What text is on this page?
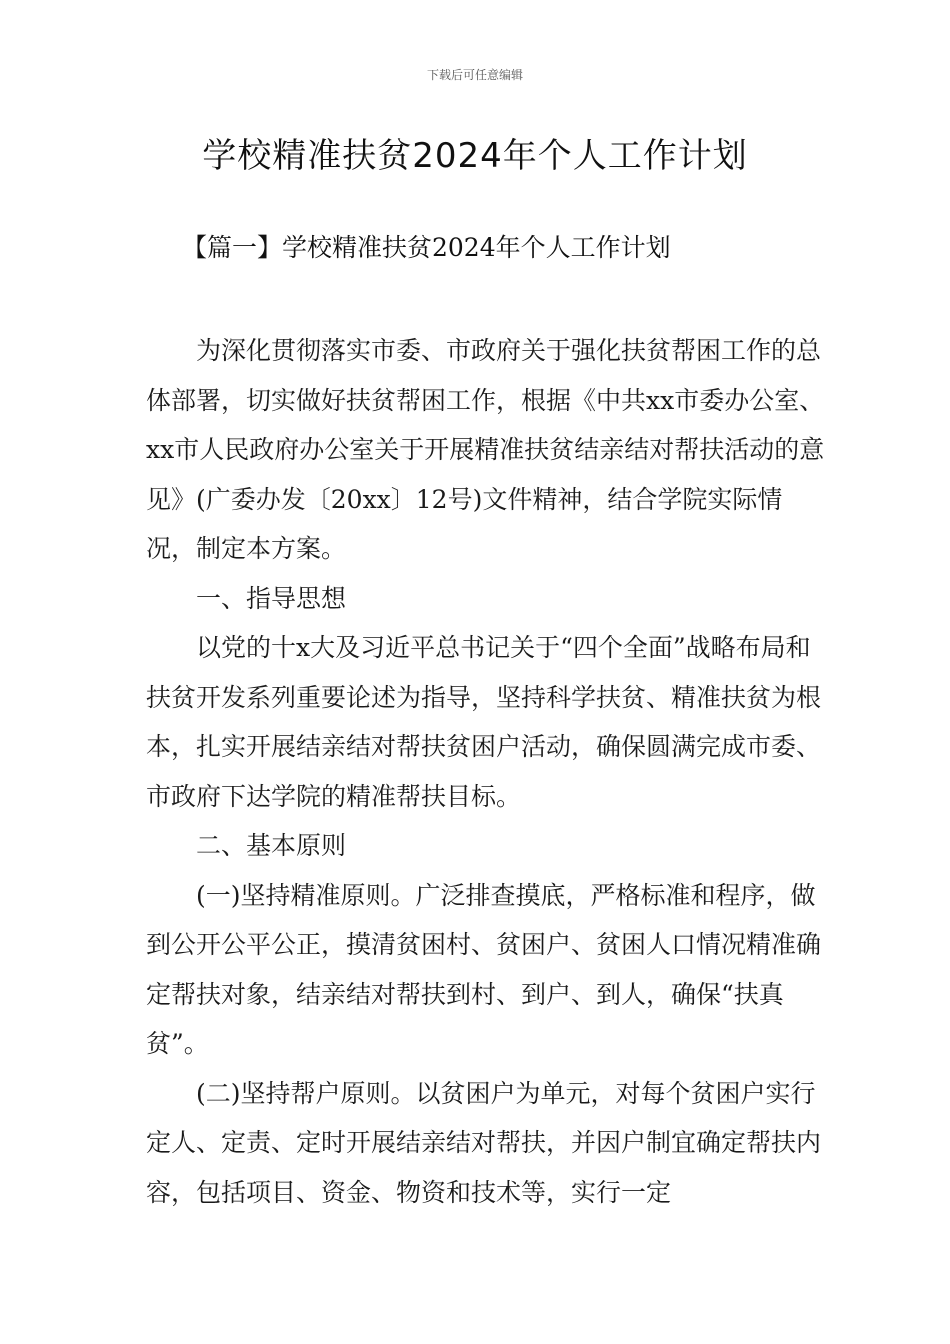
下载后可任意编辑
学校精准扶贫2024年个人工作计划
【篇一】学校精准扶贫2024年个人工作计划

为深化贯彻落实市委、市政府关于强化扶贫帮困工作的总体部署，切实做好扶贫帮困工作，根据《中共xx市委办公室、xx市人民政府办公室关于开展精准扶贫结亲结对帮扶活动的意见》(广委办发〔20xx〕12号)文件精神，结合学院实际情况，制定本方案。

一、指导思想

以党的十x大及习近平总书记关于“四个全面”战略布局和扶贫开发系列重要论述为指导，坚持科学扶贫、精准扶贫为根本，扎实开展结亲结对帮扶贫困户活动，确保圆满完成市委、市政府下达学院的精准帮扶目标。

二、基本原则

(一)坚持精准原则。广泛排查摸底，严格标准和程序，做到公开公平公正，摸清贫困村、贫困户、贫困人口情况精准确定帮扶对象，结亲结对帮扶到村、到户、到人，确保“扶真贫”。

(二)坚持帮户原则。以贫困户为单元，对每个贫困户实行定人、定责、定时开展结亲结对帮扶，并因户制宜确定帮扶内容，包括项目、资金、物资和技术等，实行一定
